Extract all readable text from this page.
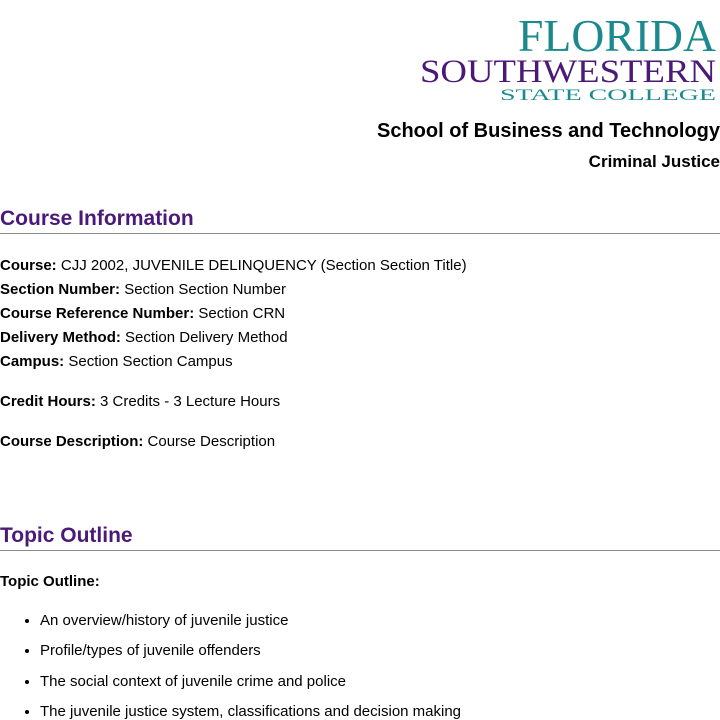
FLORIDA
SOUTHWESTERN
STATE COLLEGE
School of Business and Technology
Criminal Justice
Course Information

Course: CJJ 2002, JUVENILE DELINQUENCY (Section Section Title)

Section Number: Section Section Number

Course Reference Number: Section CRN

Delivery Method: Section Delivery Method

Campus: Section Section Campus

Credit Hours: 3 Credits - 3 Lecture Hours

Course Description: Course Description

Topic Outline

Topic Outline:

• An overview/history of juvenile justice
• Profile/types of juvenile offenders
• The social context of juvenile crime and police
• The juvenile justice system, classifications and decision making
